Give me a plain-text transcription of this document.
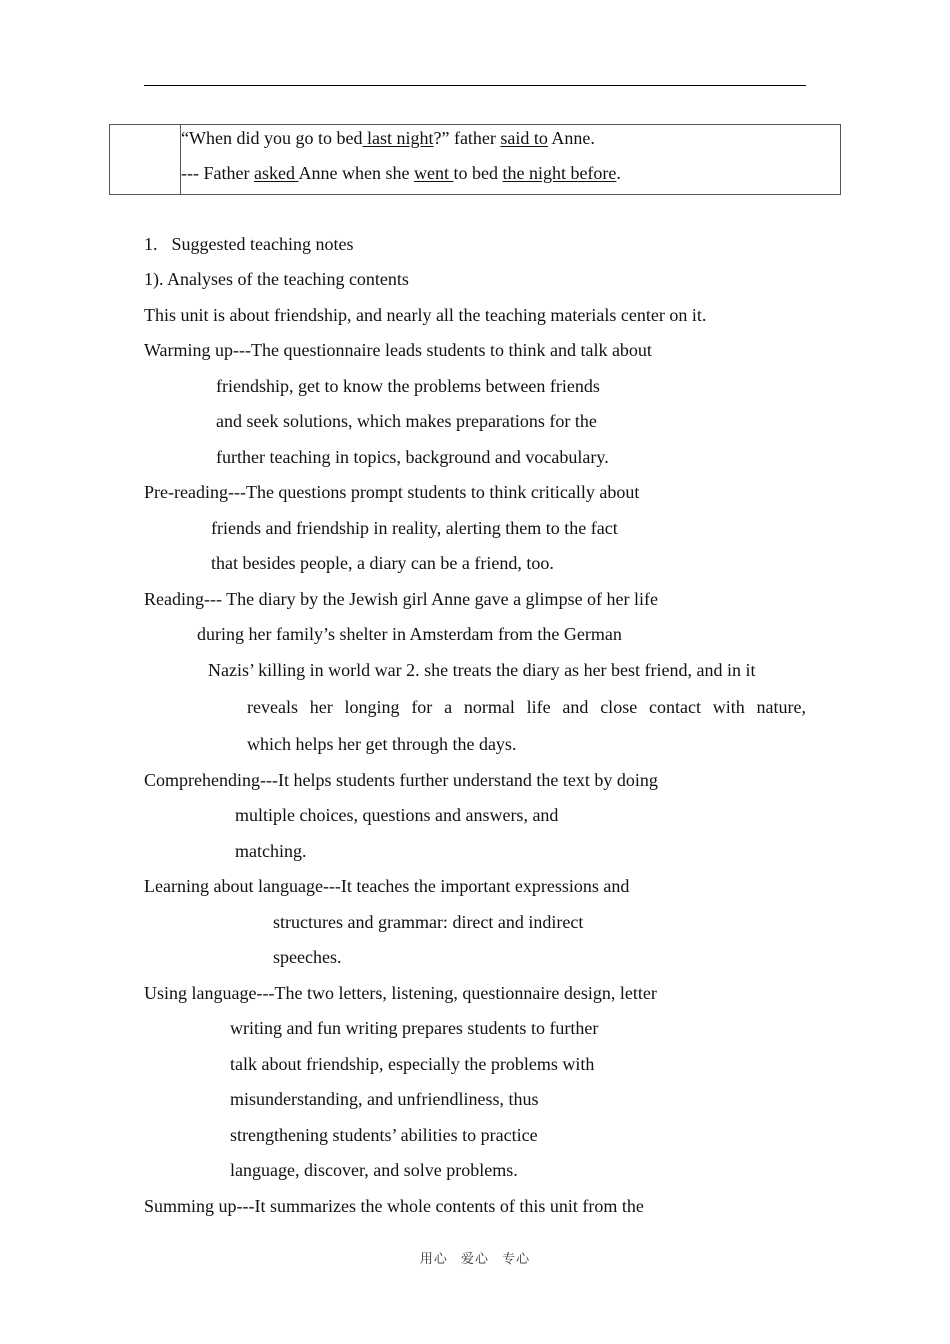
“When did you go to bed last night?” father said to Anne.
--- Father asked Anne when she went to bed the night before.
1. Suggested teaching notes
1). Analyses of the teaching contents
This unit is about friendship, and nearly all the teaching materials center on it.
Warming up---The questionnaire leads students to think and talk about
friendship, get to know the problems between friends
and seek solutions, which makes preparations for the
further teaching in topics, background and vocabulary.
Pre-reading---The questions prompt students to think critically about
friends and friendship in reality, alerting them to the fact
that besides people, a diary can be a friend, too.
Reading--- The diary by the Jewish girl Anne gave a glimpse of her life
during her family’s shelter in Amsterdam from the German
Nazis’ killing in world war 2. she treats the diary as her best friend, and in it
reveals her longing for a normal life and close contact with nature,
which helps her get through the days.
Comprehending---It helps students further understand the text by doing
multiple choices, questions and answers, and
matching.
Learning about language---It teaches the important expressions and
structures and grammar: direct and indirect
speeches.
Using language---The two letters, listening, questionnaire design, letter
writing and fun writing prepares students to further
talk about friendship, especially the problems with
misunderstanding, and unfriendliness, thus
strengthening students’ abilities to practice
language, discover, and solve problems.
Summing up---It summarizes the whole contents of this unit from the
用心 爱心 专心
